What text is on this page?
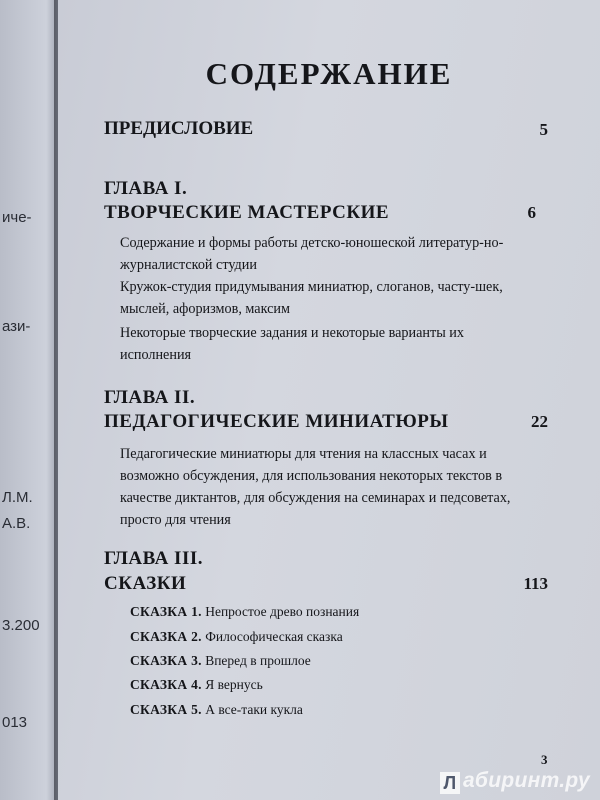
иче-
ази-
Л.М.
А.В.
3.200
013
СОДЕРЖАНИЕ
ПРЕДИСЛОВИЕ	5
ГЛАВА I.
ТВОРЧЕСКИЕ МАСТЕРСКИЕ	6
Содержание и формы работы детско-юношеской литератур-но-журналистской студии
Кружок-студия придумывания миниатюр, слоганов, часту-шек, мыслей, афоризмов, максим
Некоторые творческие задания и некоторые варианты их исполнения
ГЛАВА II.
ПЕДАГОГИЧЕСКИЕ МИНИАТЮРЫ	22
Педагогические миниатюры для чтения на классных часах и возможно обсуждения, для использования некоторых текстов в качестве диктантов, для обсуждения на семинарах и педсоветах, просто для чтения
ГЛАВА III.
СКАЗКИ	113
СКАЗКА 1. Непростое древо познания
СКАЗКА 2. Философическая сказка
СКАЗКА 3. Вперед в прошлое
СКАЗКА 4. Я вернусь
СКАЗКА 5. А все-таки кукла
3
Л абиринт.ру
